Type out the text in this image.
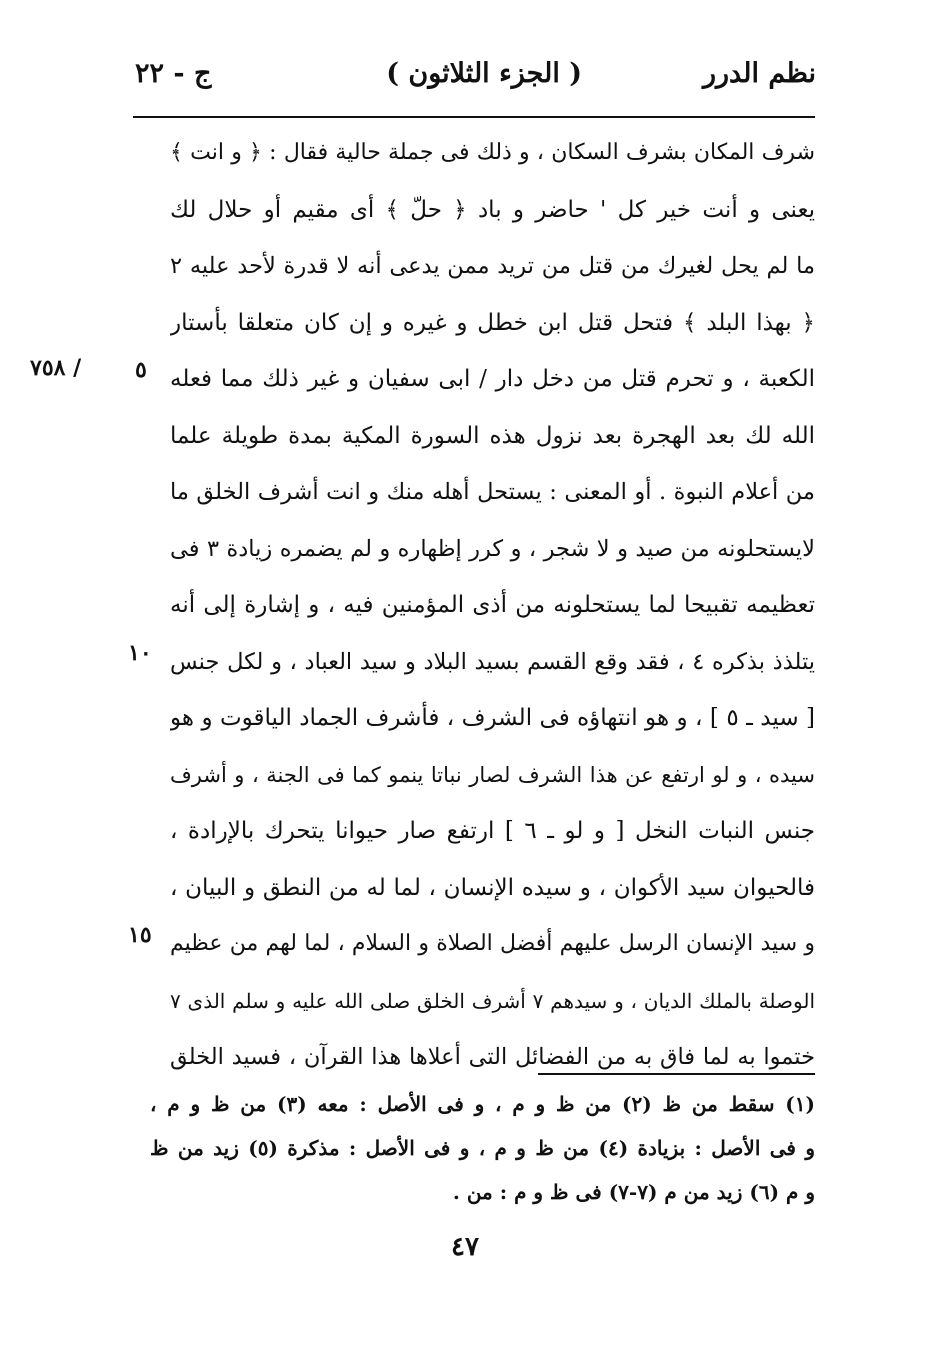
نظم الدرر
( الجزء الثلاثون )
ج - ٢٢
شرف المكان بشرف السكان ، و ذلك فى جملة حالية فقال : ﴿ و انت ﴾
يعنى و أنت خير كل ' حاضر و باد ﴿ حلّ ﴾ أى مقيم أو حلال لك
ما لم يحل لغيرك من قتل من تريد ممن يدعى أنه لا قدرة لأحد عليه ٢
﴿ بهذا البلد ﴾ فتحل قتل ابن خطل و غيره و إن كان متعلقا بأستار
الكعبة ، و تحرم قتل من دخل دار / ابى سفيان و غير ذلك مما فعله
الله لك بعد الهجرة بعد نزول هذه السورة المكية بمدة طويلة علما
من أعلام النبوة . أو المعنى : يستحل أهله منك و انت أشرف الخلق ما
لايستحلونه من صيد و لا شجر ، و كرر إظهاره و لم يضمره زيادة ٣ فى
تعظيمه تقبيحا لما يستحلونه من أذى المؤمنين فيه ، و إشارة إلى أنه
يتلذذ بذكره ٤ ، فقد وقع القسم بسيد البلاد و سيد العباد ، و لكل جنس
[ سيد ـ ٥ ] ، و هو انتهاؤه فى الشرف ، فأشرف الجماد الياقوت و هو
سيده ، و لو ارتفع عن هذا الشرف لصار نباتا ينمو كما فى الجنة ، و أشرف
جنس النبات النخل [ و لو ـ ٦ ] ارتفع صار حيوانا يتحرك بالإرادة ،
فالحيوان سيد الأكوان ، و سيده الإنسان ، لما له من النطق و البيان ،
و سيد الإنسان الرسل عليهم أفضل الصلاة و السلام ، لما لهم من عظيم
الوصلة بالملك الديان ، و سيدهم ٧ أشرف الخلق صلى الله عليه و سلم الذى ٧
ختموا به لما فاق به من الفضائل التى أعلاها هذا القرآن ، فسيد الخلق
٥
١٠
١٥
/ ٧٥٨
(١) سقط من ظ (٢) من ظ و م ، و فى الأصل : معه (٣) من ظ و م ،
و فى الأصل : بزيادة (٤) من ظ و م ، و فى الأصل : مذكرة (٥) زيد من ظ
و م (٦) زيد من م (٧-٧) فى ظ و م : من .
٤٧
